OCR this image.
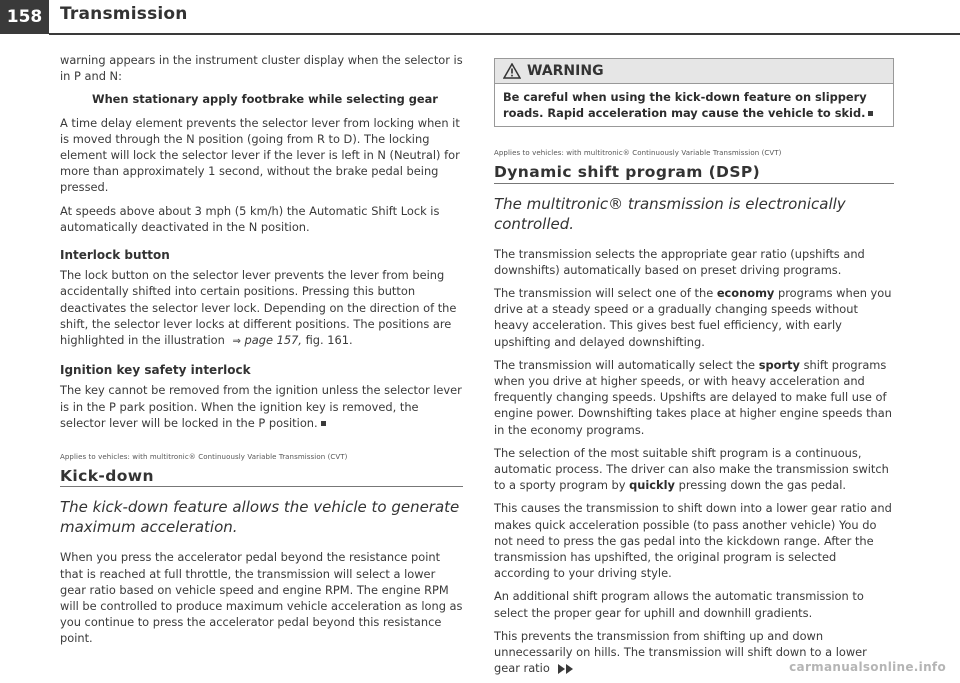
158	Transmission

warning appears in the instrument cluster display when the selector is in P and N:

When stationary apply footbrake while selecting gear

A time delay element prevents the selector lever from locking when it is moved through the N position (going from R to D). The locking element will lock the selector lever if the lever is left in N (Neutral) for more than approximately 1 second, without the brake pedal being pressed.

At speeds above about 3 mph (5 km/h) the Automatic Shift Lock is automatically deactivated in the N position.

Interlock button

The lock button on the selector lever prevents the lever from being accidentally shifted into certain positions. Pressing this button deactivates the selector lever lock. Depending on the direction of the shift, the selector lever locks at different positions. The positions are highlighted in the illustration ⇒ page 157, fig. 161.

Ignition key safety interlock

The key cannot be removed from the ignition unless the selector lever is in the P park position. When the ignition key is removed, the selector lever will be locked in the P position.

Applies to vehicles: with multitronic® Continuously Variable Transmission (CVT)

Kick-down

The kick-down feature allows the vehicle to generate maximum acceleration.

When you press the accelerator pedal beyond the resistance point that is reached at full throttle, the transmission will select a lower gear ratio based on vehicle speed and engine RPM. The engine RPM will be controlled to produce maximum vehicle acceleration as long as you continue to press the accelerator pedal beyond this resistance point.

WARNING
Be careful when using the kick-down feature on slippery roads. Rapid acceleration may cause the vehicle to skid.

Applies to vehicles: with multitronic® Continuously Variable Transmission (CVT)

Dynamic shift program (DSP)

The multitronic® transmission is electronically controlled.

The transmission selects the appropriate gear ratio (upshifts and downshifts) automatically based on preset driving programs.

The transmission will select one of the economy programs when you drive at a steady speed or a gradually changing speeds without heavy acceleration. This gives best fuel efficiency, with early upshifting and delayed downshifting.

The transmission will automatically select the sporty shift programs when you drive at higher speeds, or with heavy acceleration and frequently changing speeds. Upshifts are delayed to make full use of engine power. Downshifting takes place at higher engine speeds than in the economy programs.

The selection of the most suitable shift program is a continuous, automatic process. The driver can also make the transmission switch to a sporty program by quickly pressing down the gas pedal.

This causes the transmission to shift down into a lower gear ratio and makes quick acceleration possible (to pass another vehicle) You do not need to press the gas pedal into the kickdown range. After the transmission has upshifted, the original program is selected according to your driving style.

An additional shift program allows the automatic transmission to select the proper gear for uphill and downhill gradients.

This prevents the transmission from shifting up and down unnecessarily on hills. The transmission will shift down to a lower gear ratio	carmanualsonline.info
